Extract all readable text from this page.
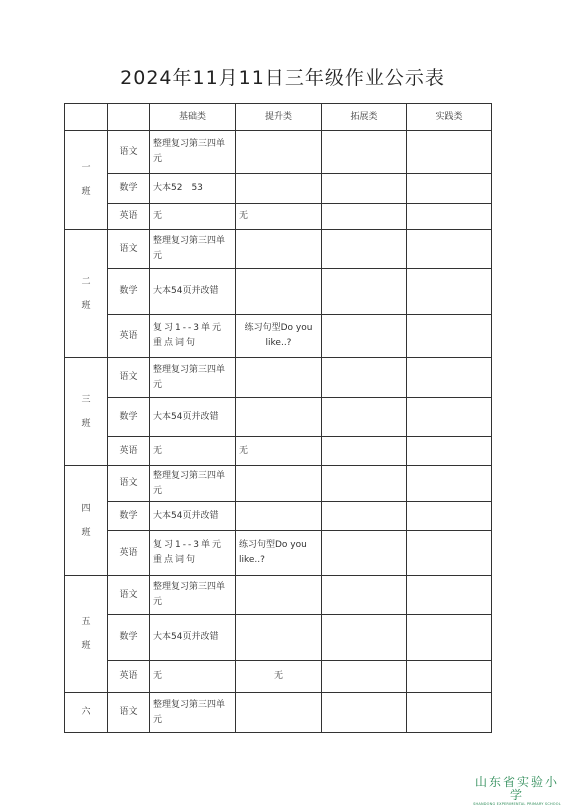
2024年11月11日三年级作业公示表
		基础类	提升类	拓展类	实践类
一
班	语文	整理复习第三四单元			
	数学	大本52　53			
	英语	无	无		
二
班	语文	整理复习第三四单元			
	数学	大本54页并改错			
	英语	复习1--3单元重点词句	练习句型Do you like..?		
三
班	语文	整理复习第三四单元			
	数学	大本54页并改错			
	英语	无	无		
四
班	语文	整理复习第三四单元			
	数学	大本54页并改错			
	英语	复习1--3单元重点词句	练习句型Do you like..?		
五
班	语文	整理复习第三四单元			
	数学	大本54页并改错			
	英语	无	无		
六	语文	整理复习第三四单元			
山东省实验小学
SHANDONG EXPERIMENTAL PRIMARY SCHOOL
